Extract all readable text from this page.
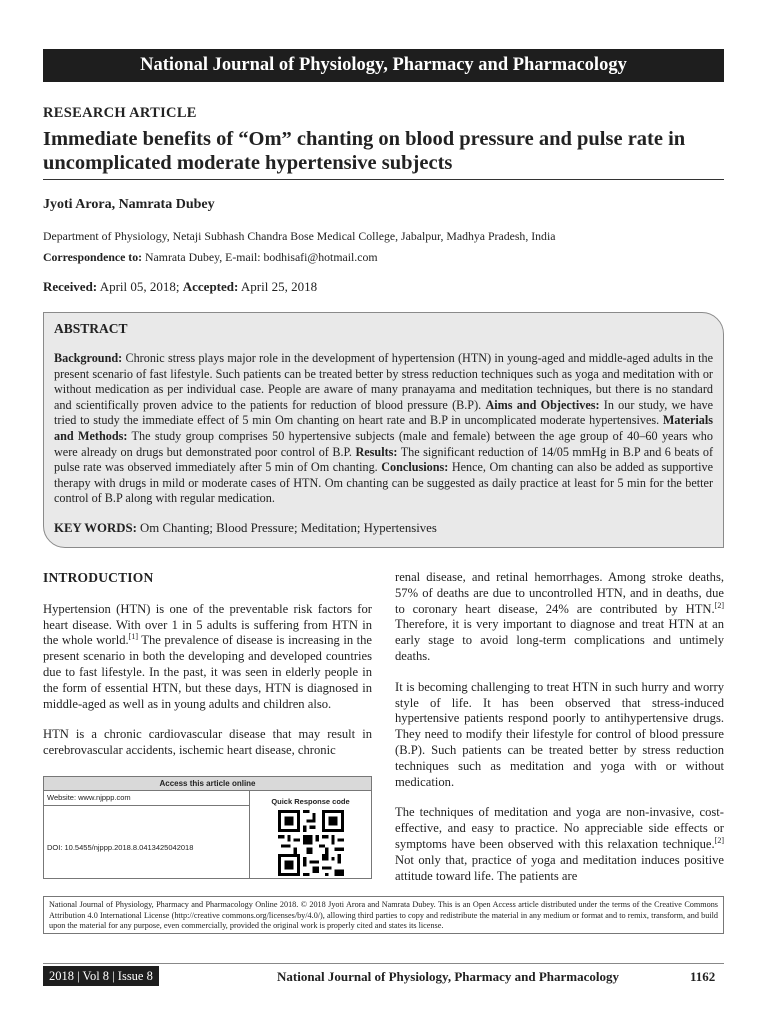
National Journal of Physiology, Pharmacy and Pharmacology
RESEARCH ARTICLE
Immediate benefits of “Om” chanting on blood pressure and pulse rate in uncomplicated moderate hypertensive subjects
Jyoti Arora, Namrata Dubey
Department of Physiology, Netaji Subhash Chandra Bose Medical College, Jabalpur, Madhya Pradesh, India
Correspondence to: Namrata Dubey, E-mail: bodhisafi@hotmail.com
Received: April 05, 2018; Accepted: April 25, 2018
ABSTRACT

Background: Chronic stress plays major role in the development of hypertension (HTN) in young-aged and middle-aged adults in the present scenario of fast lifestyle. Such patients can be treated better by stress reduction techniques such as yoga and meditation with or without medication as per individual case. People are aware of many pranayama and meditation techniques, but there is no standard and scientifically proven advice to the patients for reduction of blood pressure (B.P). Aims and Objectives: In our study, we have tried to study the immediate effect of 5 min Om chanting on heart rate and B.P in uncomplicated moderate hypertensives. Materials and Methods: The study group comprises 50 hypertensive subjects (male and female) between the age group of 40–60 years who were already on drugs but demonstrated poor control of B.P. Results: The significant reduction of 14/05 mmHg in B.P and 6 beats of pulse rate was observed immediately after 5 min of Om chanting. Conclusions: Hence, Om chanting can also be added as supportive therapy with drugs in mild or moderate cases of HTN. Om chanting can be suggested as daily practice at least for 5 min for the better control of B.P along with regular medication.

KEY WORDS: Om Chanting; Blood Pressure; Meditation; Hypertensives
INTRODUCTION

Hypertension (HTN) is one of the preventable risk factors for heart disease. With over 1 in 5 adults is suffering from HTN in the whole world.[1] The prevalence of disease is increasing in the present scenario in both the developing and developed countries due to fast lifestyle. In the past, it was seen in elderly people in the form of essential HTN, but these days, HTN is diagnosed in middle-aged as well as in young adults and children also.

HTN is a chronic cardiovascular disease that may result in cerebrovascular accidents, ischemic heart disease, chronic

renal disease, and retinal hemorrhages. Among stroke deaths, 57% of deaths are due to uncontrolled HTN, and in deaths, due to coronary heart disease, 24% are contributed by HTN.[2] Therefore, it is very important to diagnose and treat HTN at an early stage to avoid long-term complications and untimely deaths.

It is becoming challenging to treat HTN in such hurry and worry style of life. It has been observed that stress-induced hypertensive patients respond poorly to antihypertensive drugs. They need to modify their lifestyle for control of blood pressure (B.P). Such patients can be treated better by stress reduction techniques such as meditation and yoga with or without medication.

The techniques of meditation and yoga are non-invasive, cost-effective, and easy to practice. No appreciable side effects or symptoms have been observed with this relaxation technique.[2] Not only that, practice of yoga and meditation induces positive attitude toward life. The patients are

Access this article online
Website: www.njppp.com
DOI: 10.5455/njppp.2018.8.0413425042018
Quick Response code
National Journal of Physiology, Pharmacy and Pharmacology Online 2018. © 2018 Jyoti Arora and Namrata Dubey. This is an Open Access article distributed under the terms of the Creative Commons Attribution 4.0 International License (http://creative commons.org/licenses/by/4.0/), allowing third parties to copy and redistribute the material in any medium or format and to remix, transform, and build upon the material for any purpose, even commercially, provided the original work is properly cited and states its license.
2018 | Vol 8 | Issue 8	National Journal of Physiology, Pharmacy and Pharmacology	1162
